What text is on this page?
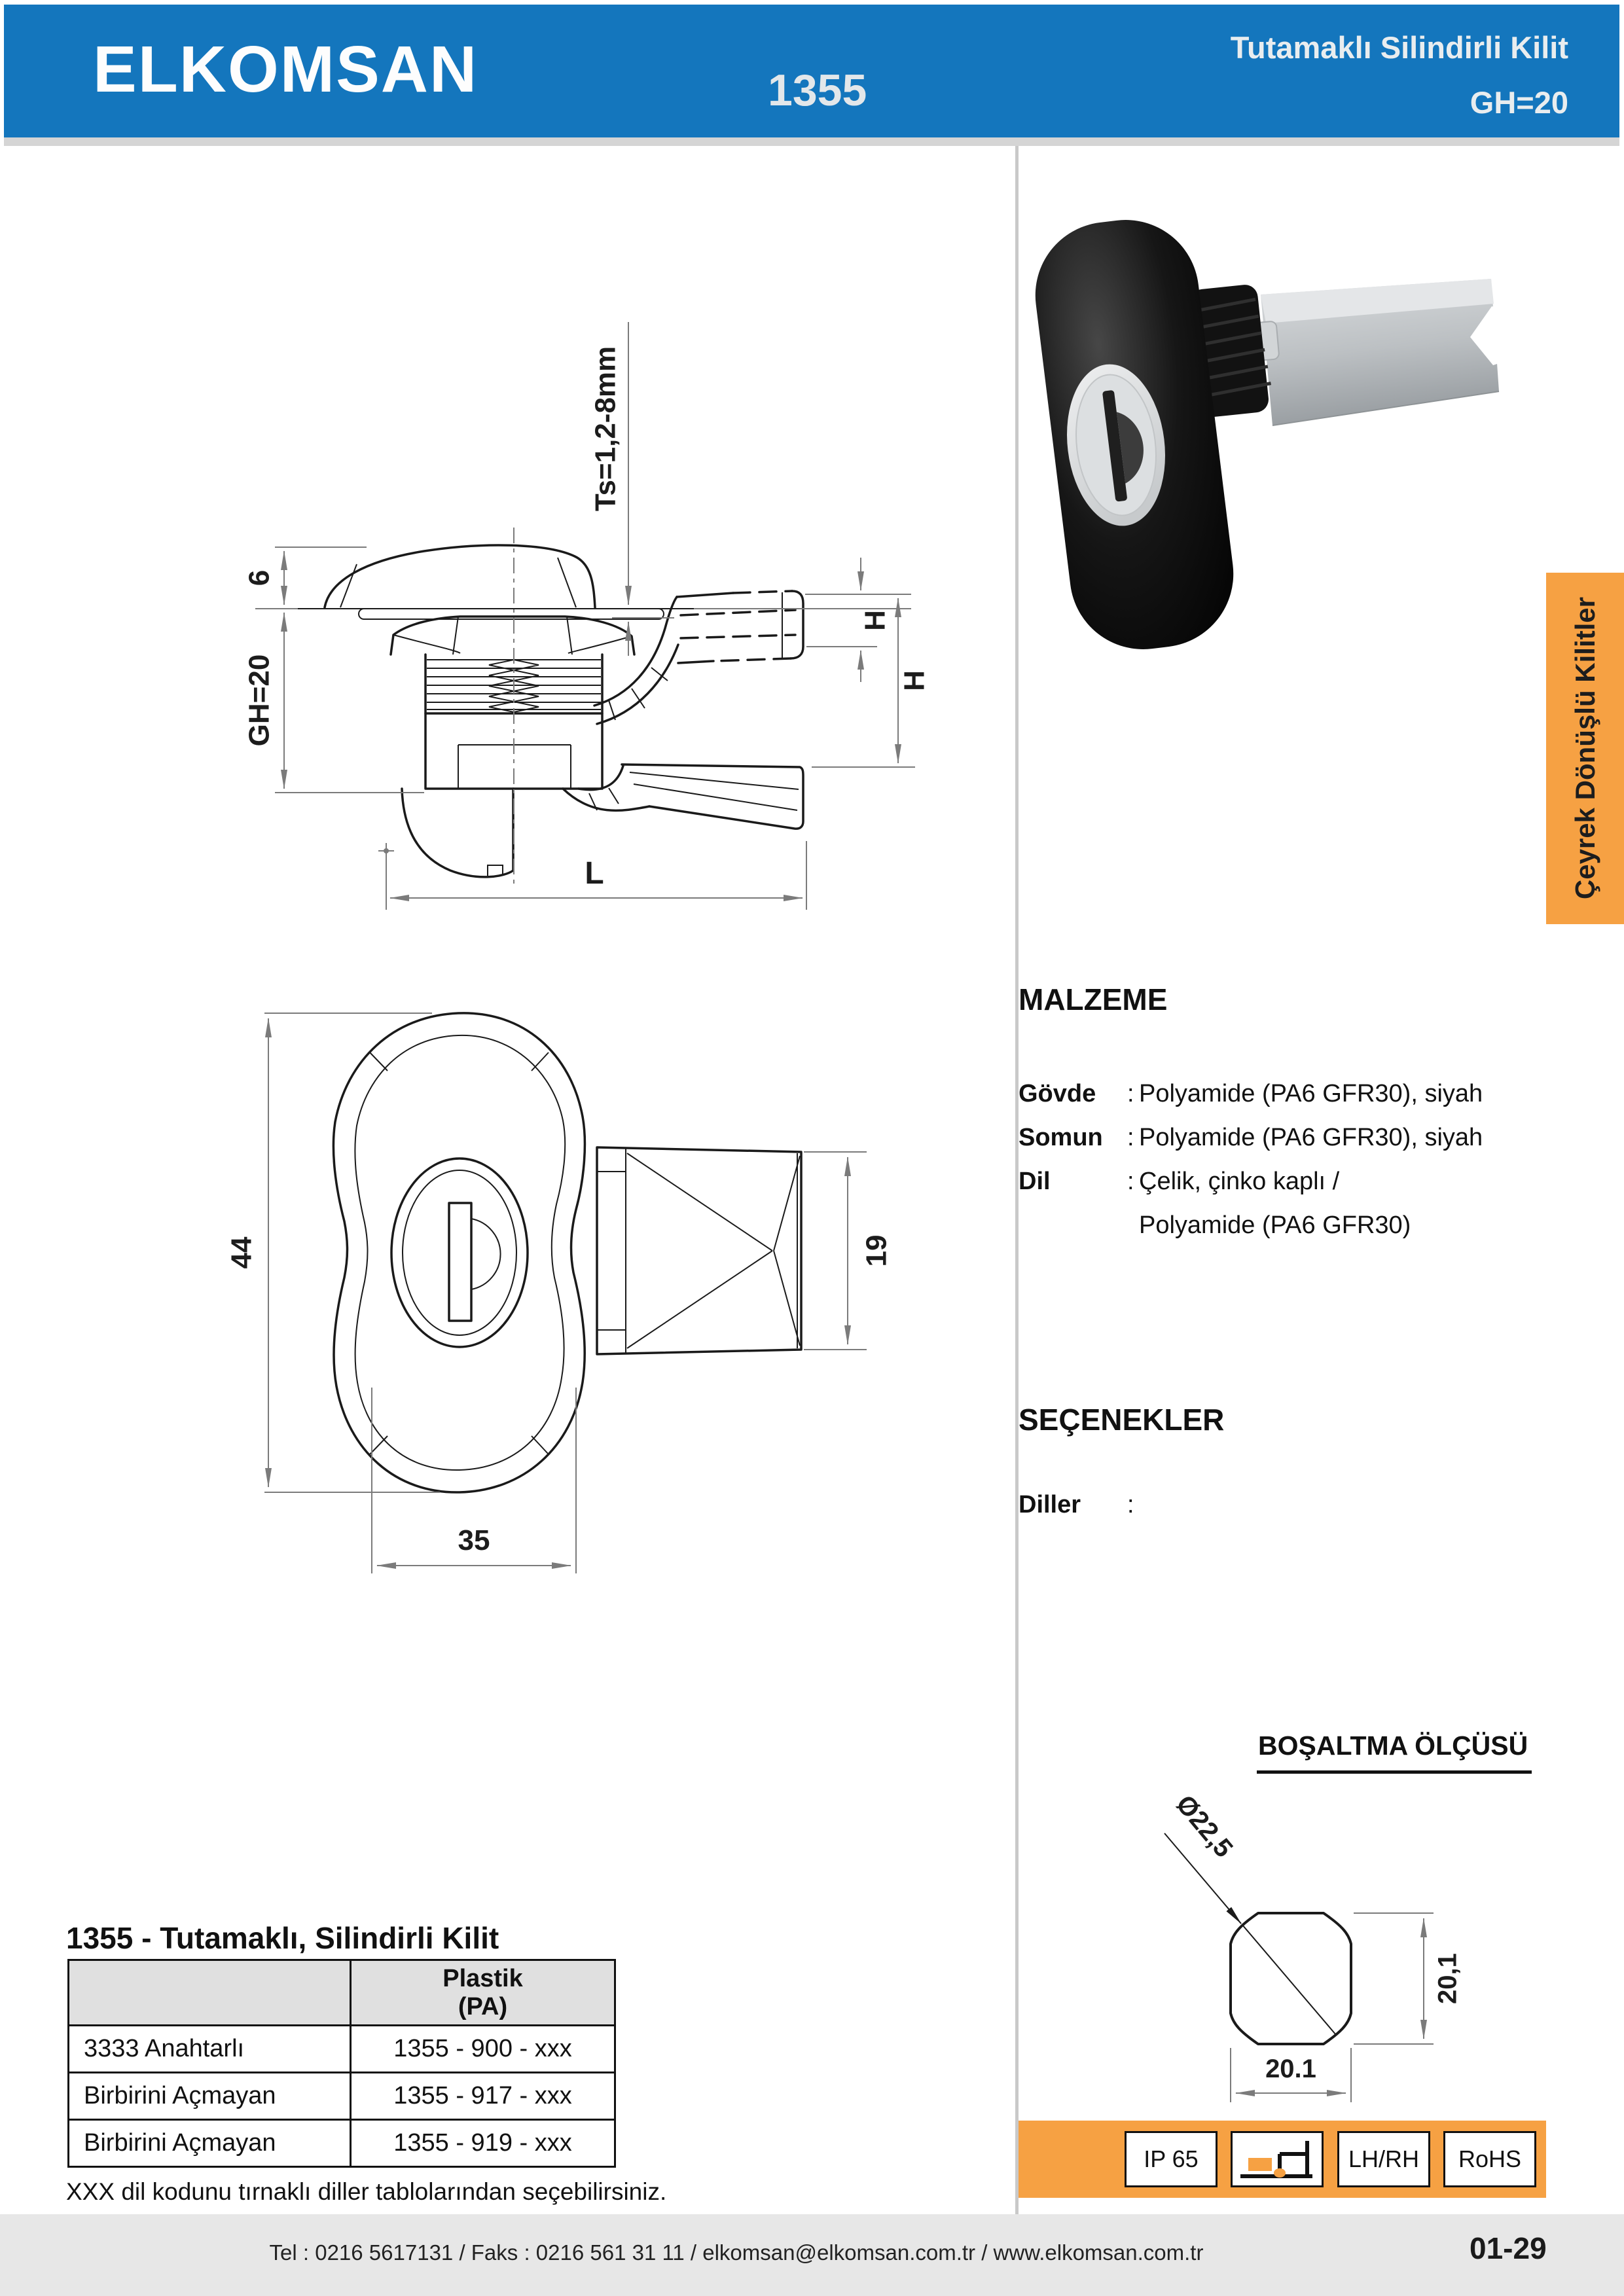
ELKOMSAN	1355
Tutamaklı Silindirli Kilit
GH=20
6
GH=20
Ts=1,2-8mm
H
H
L
44	19
35
Çeyrek Dönüşlü Kilitler
MALZEME
Gövde	: Polyamide (PA6 GFR30), siyah
Somun : Polyamide (PA6 GFR30), siyah
Dil	: Çelik, çinko kaplı /
Polyamide (PA6 GFR30)
SEÇENEKLER
Diller	:
BOŞALTMA ÖLÇÜSÜ
Ø22,5
20,1
20.1
1355 - Tutamaklı, Silindirli Kilit

	Plastik
(PA)

3333 Anahtarlı	1355 - 900 - xxx
Birbirini Açmayan	1355 - 917 - xxx
Birbirini Açmayan	1355 - 919 - xxx
XXX dil kodunu tırnaklı diller tablolarından seçebilirsiniz.
IP 65	LH/RH	RoHS
Tel : 0216 5617131 / Faks : 0216 561 31 11 / elkomsan@elkomsan.com.tr / www.elkomsan.com.tr	01-29
